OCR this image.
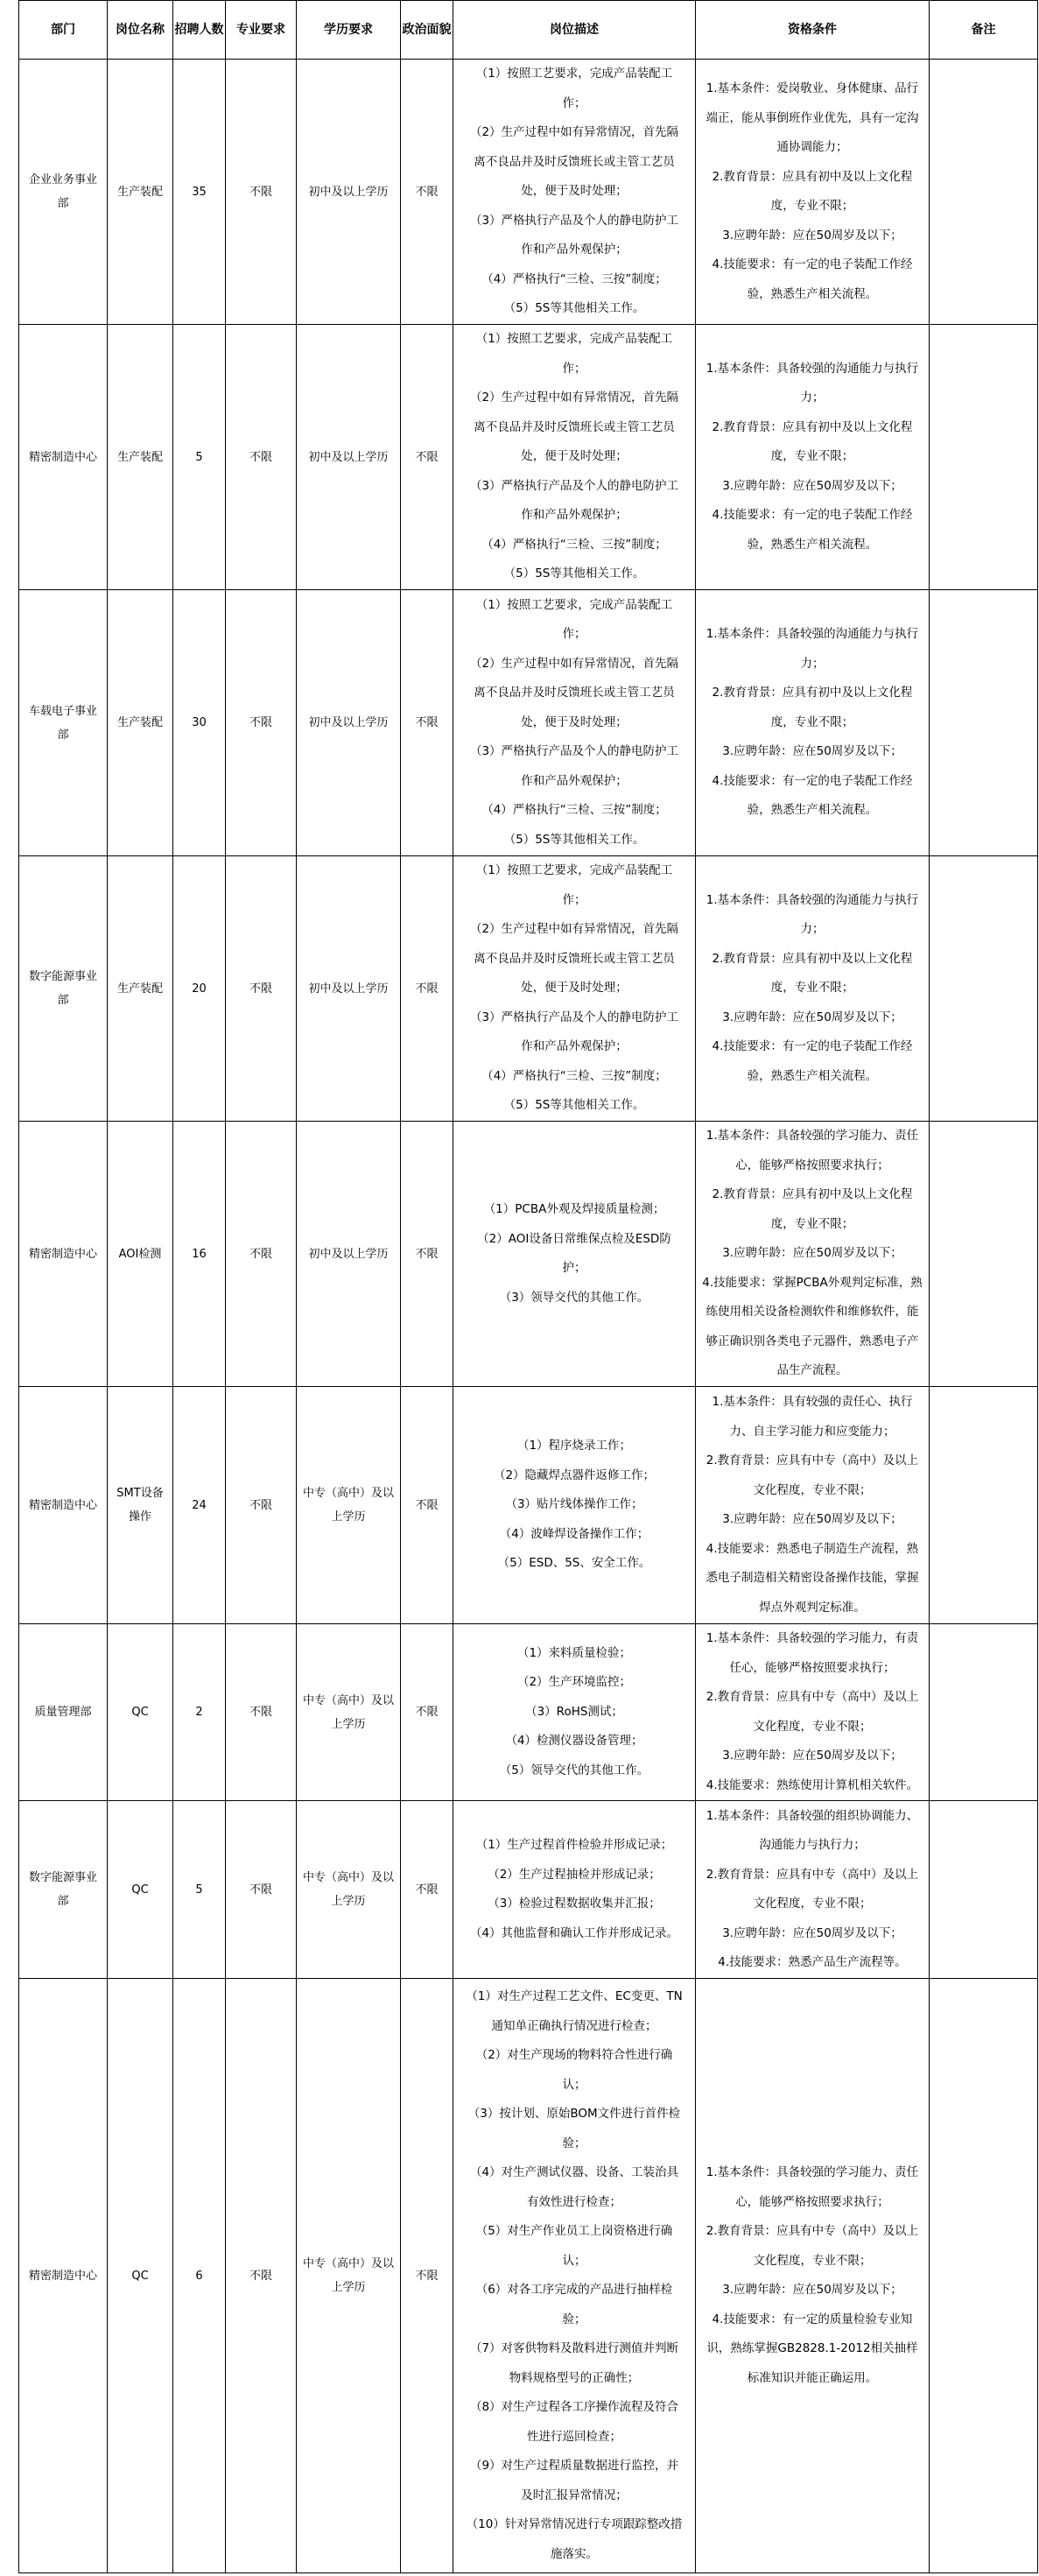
部门	岗位名称	招聘人数	专业要求	学历要求	政治面貌	岗位描述	资格条件	备注
企业业务事业部	生产装配	35	不限	初中及以上学历	不限	
（1）按照工艺要求，完成产品装配工作；
（2）生产过程中如有异常情况，首先隔离不良品并及时反馈班长或主管工艺员处，便于及时处理；
（3）严格执行产品及个人的静电防护工作和产品外观保护；
（4）严格执行“三检、三按”制度；
（5）5S等其他相关工作。

1.基本条件：爱岗敬业、身体健康、品行端正，能从事倒班作业优先，具有一定沟通协调能力；
2.教育背景：应具有初中及以上文化程度，专业不限；
3.应聘年龄：应在50周岁及以下；
4.技能要求：有一定的电子装配工作经验，熟悉生产相关流程。

精密制造中心	生产装配	5	不限	初中及以上学历	不限	
（1）按照工艺要求，完成产品装配工作；
（2）生产过程中如有异常情况，首先隔离不良品并及时反馈班长或主管工艺员处，便于及时处理；
（3）严格执行产品及个人的静电防护工作和产品外观保护；
（4）严格执行“三检、三按”制度；
（5）5S等其他相关工作。

1.基本条件：具备较强的沟通能力与执行力；
2.教育背景：应具有初中及以上文化程度，专业不限；
3.应聘年龄：应在50周岁及以下；
4.技能要求：有一定的电子装配工作经验，熟悉生产相关流程。

车载电子事业部	生产装配	30	不限	初中及以上学历	不限	
（1）按照工艺要求，完成产品装配工作；
（2）生产过程中如有异常情况，首先隔离不良品并及时反馈班长或主管工艺员处，便于及时处理；
（3）严格执行产品及个人的静电防护工作和产品外观保护；
（4）严格执行“三检、三按”制度；
（5）5S等其他相关工作。

1.基本条件：具备较强的沟通能力与执行力；
2.教育背景：应具有初中及以上文化程度，专业不限；
3.应聘年龄：应在50周岁及以下；
4.技能要求：有一定的电子装配工作经验，熟悉生产相关流程。

数字能源事业部	生产装配	20	不限	初中及以上学历	不限	
（1）按照工艺要求，完成产品装配工作；
（2）生产过程中如有异常情况，首先隔离不良品并及时反馈班长或主管工艺员处，便于及时处理；
（3）严格执行产品及个人的静电防护工作和产品外观保护；
（4）严格执行“三检、三按”制度；
（5）5S等其他相关工作。

1.基本条件：具备较强的沟通能力与执行力；
2.教育背景：应具有初中及以上文化程度，专业不限；
3.应聘年龄：应在50周岁及以下；
4.技能要求：有一定的电子装配工作经验，熟悉生产相关流程。

精密制造中心	AOI检测	16	不限	初中及以上学历	不限	
（1）PCBA外观及焊接质量检测；
（2）AOI设备日常维保点检及ESD防护；
（3）领导交代的其他工作。

1.基本条件：具备较强的学习能力、责任心，能够严格按照要求执行；
2.教育背景：应具有初中及以上文化程度，专业不限；
3.应聘年龄：应在50周岁及以下；
4.技能要求：掌握PCBA外观判定标准，熟练使用相关设备检测软件和维修软件，能够正确识别各类电子元器件，熟悉电子产品生产流程。

精密制造中心	SMT设备操作	24	不限	中专（高中）及以上学历	不限	
（1）程序烧录工作；
（2）隐藏焊点器件返修工作；
（3）贴片线体操作工作；
（4）波峰焊设备操作工作；
（5）ESD、5S、安全工作。

1.基本条件：具有较强的责任心、执行力、自主学习能力和应变能力；
2.教育背景：应具有中专（高中）及以上文化程度，专业不限；
3.应聘年龄：应在50周岁及以下；
4.技能要求：熟悉电子制造生产流程，熟悉电子制造相关精密设备操作技能，掌握焊点外观判定标准。

质量管理部	QC	2	不限	中专（高中）及以上学历	不限	
（1）来料质量检验；
（2）生产环境监控；
（3）RoHS测试；
（4）检测仪器设备管理；
（5）领导交代的其他工作。

1.基本条件：具备较强的学习能力，有责任心，能够严格按照要求执行；
2.教育背景：应具有中专（高中）及以上文化程度，专业不限；
3.应聘年龄：应在50周岁及以下；
4.技能要求：熟练使用计算机相关软件。

数字能源事业部	QC	5	不限	中专（高中）及以上学历	不限	
（1）生产过程首件检验并形成记录；
（2）生产过程抽检并形成记录；
（3）检验过程数据收集并汇报；
（4）其他监督和确认工作并形成记录。

1.基本条件：具备较强的组织协调能力、沟通能力与执行力；
2.教育背景：应具有中专（高中）及以上文化程度，专业不限；
3.应聘年龄：应在50周岁及以下；
4.技能要求：熟悉产品生产流程等。

精密制造中心	QC	6	不限	中专（高中）及以上学历	不限	
（1）对生产过程工艺文件、EC变更、TN通知单正确执行情况进行检查；
（2）对生产现场的物料符合性进行确认；
（3）按计划、原始BOM文件进行首件检验；
（4）对生产测试仪器、设备、工装治具有效性进行检查；
（5）对生产作业员工上岗资格进行确认；
（6）对各工序完成的产品进行抽样检验；
（7）对客供物料及散料进行测值并判断物料规格型号的正确性；
（8）对生产过程各工序操作流程及符合性进行巡回检查；
（9）对生产过程质量数据进行监控，并及时汇报异常情况；
（10）针对异常情况进行专项跟踪整改措施落实。

1.基本条件：具备较强的学习能力、责任心，能够严格按照要求执行；
2.教育背景：应具有中专（高中）及以上文化程度，专业不限；
3.应聘年龄：应在50周岁及以下；
4.技能要求：有一定的质量检验专业知识，熟练掌握GB2828.1-2012相关抽样标准知识并能正确运用。
